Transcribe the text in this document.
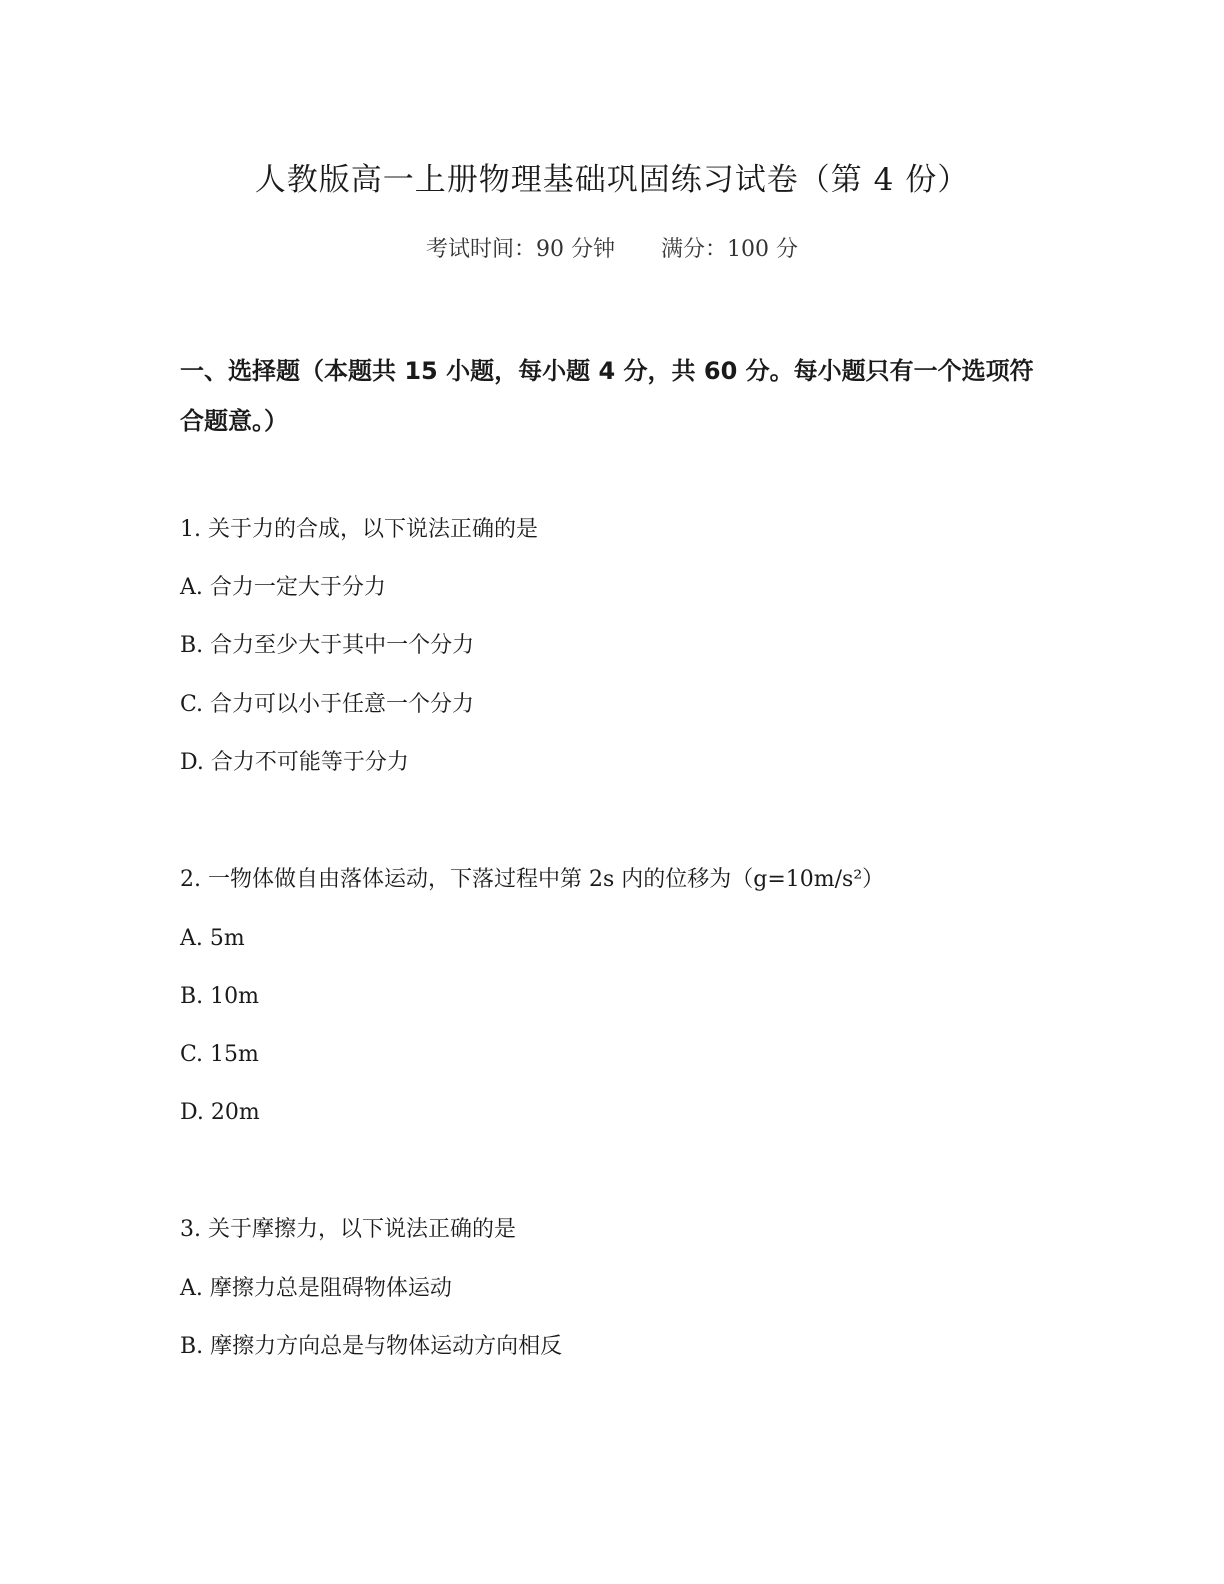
人教版高一上册物理基础巩固练习试卷（第 4 份）
考试时间：90 分钟 满分：100 分
一、选择题（本题共 15 小题，每小题 4 分，共 60 分。每小题只有一个选项符合题意。）
1. 关于力的合成，以下说法正确的是
A. 合力一定大于分力
B. 合力至少大于其中一个分力
C. 合力可以小于任意一个分力
D. 合力不可能等于分力
2. 一物体做自由落体运动，下落过程中第 2s 内的位移为（g=10m/s²）
A. 5m
B. 10m
C. 15m
D. 20m
3. 关于摩擦力，以下说法正确的是
A. 摩擦力总是阻碍物体运动
B. 摩擦力方向总是与物体运动方向相反
